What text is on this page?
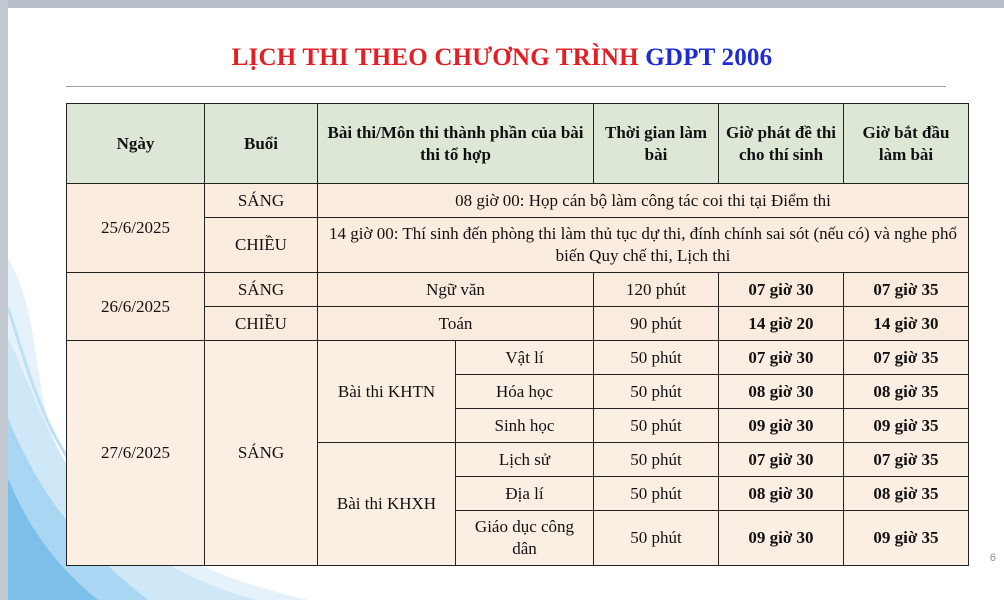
LỊCH THI THEO CHƯƠNG TRÌNH GDPT 2006
Ngày	Buổi	Bài thi/Môn thi thành phần của bài thi tổ hợp		Thời gian làm bài	Giờ phát đề thi cho thí sinh	Giờ bắt đầu làm bài
25/6/2025	SÁNG	08 giờ 00: Họp cán bộ làm công tác coi thi tại Điểm thi				
	CHIỀU	14 giờ 00: Thí sinh đến phòng thi làm thủ tục dự thi, đính chính sai sót (nếu có) và nghe phổ biến Quy chế thi, Lịch thi				
26/6/2025	SÁNG	Ngữ văn		120 phút	07 giờ 30	07 giờ 35
	CHIỀU	Toán		90 phút	14 giờ 20	14 giờ 30
27/6/2025	SÁNG	Bài thi KHTN	Vật lí	50 phút	07 giờ 30	07 giờ 35
			Hóa học	50 phút	08 giờ 30	08 giờ 35
			Sinh học	50 phút	09 giờ 30	09 giờ 35
		Bài thi KHXH	Lịch sử	50 phút	07 giờ 30	07 giờ 35
			Địa lí	50 phút	08 giờ 30	08 giờ 35
			Giáo dục công dân	50 phút	09 giờ 30	09 giờ 35
6
